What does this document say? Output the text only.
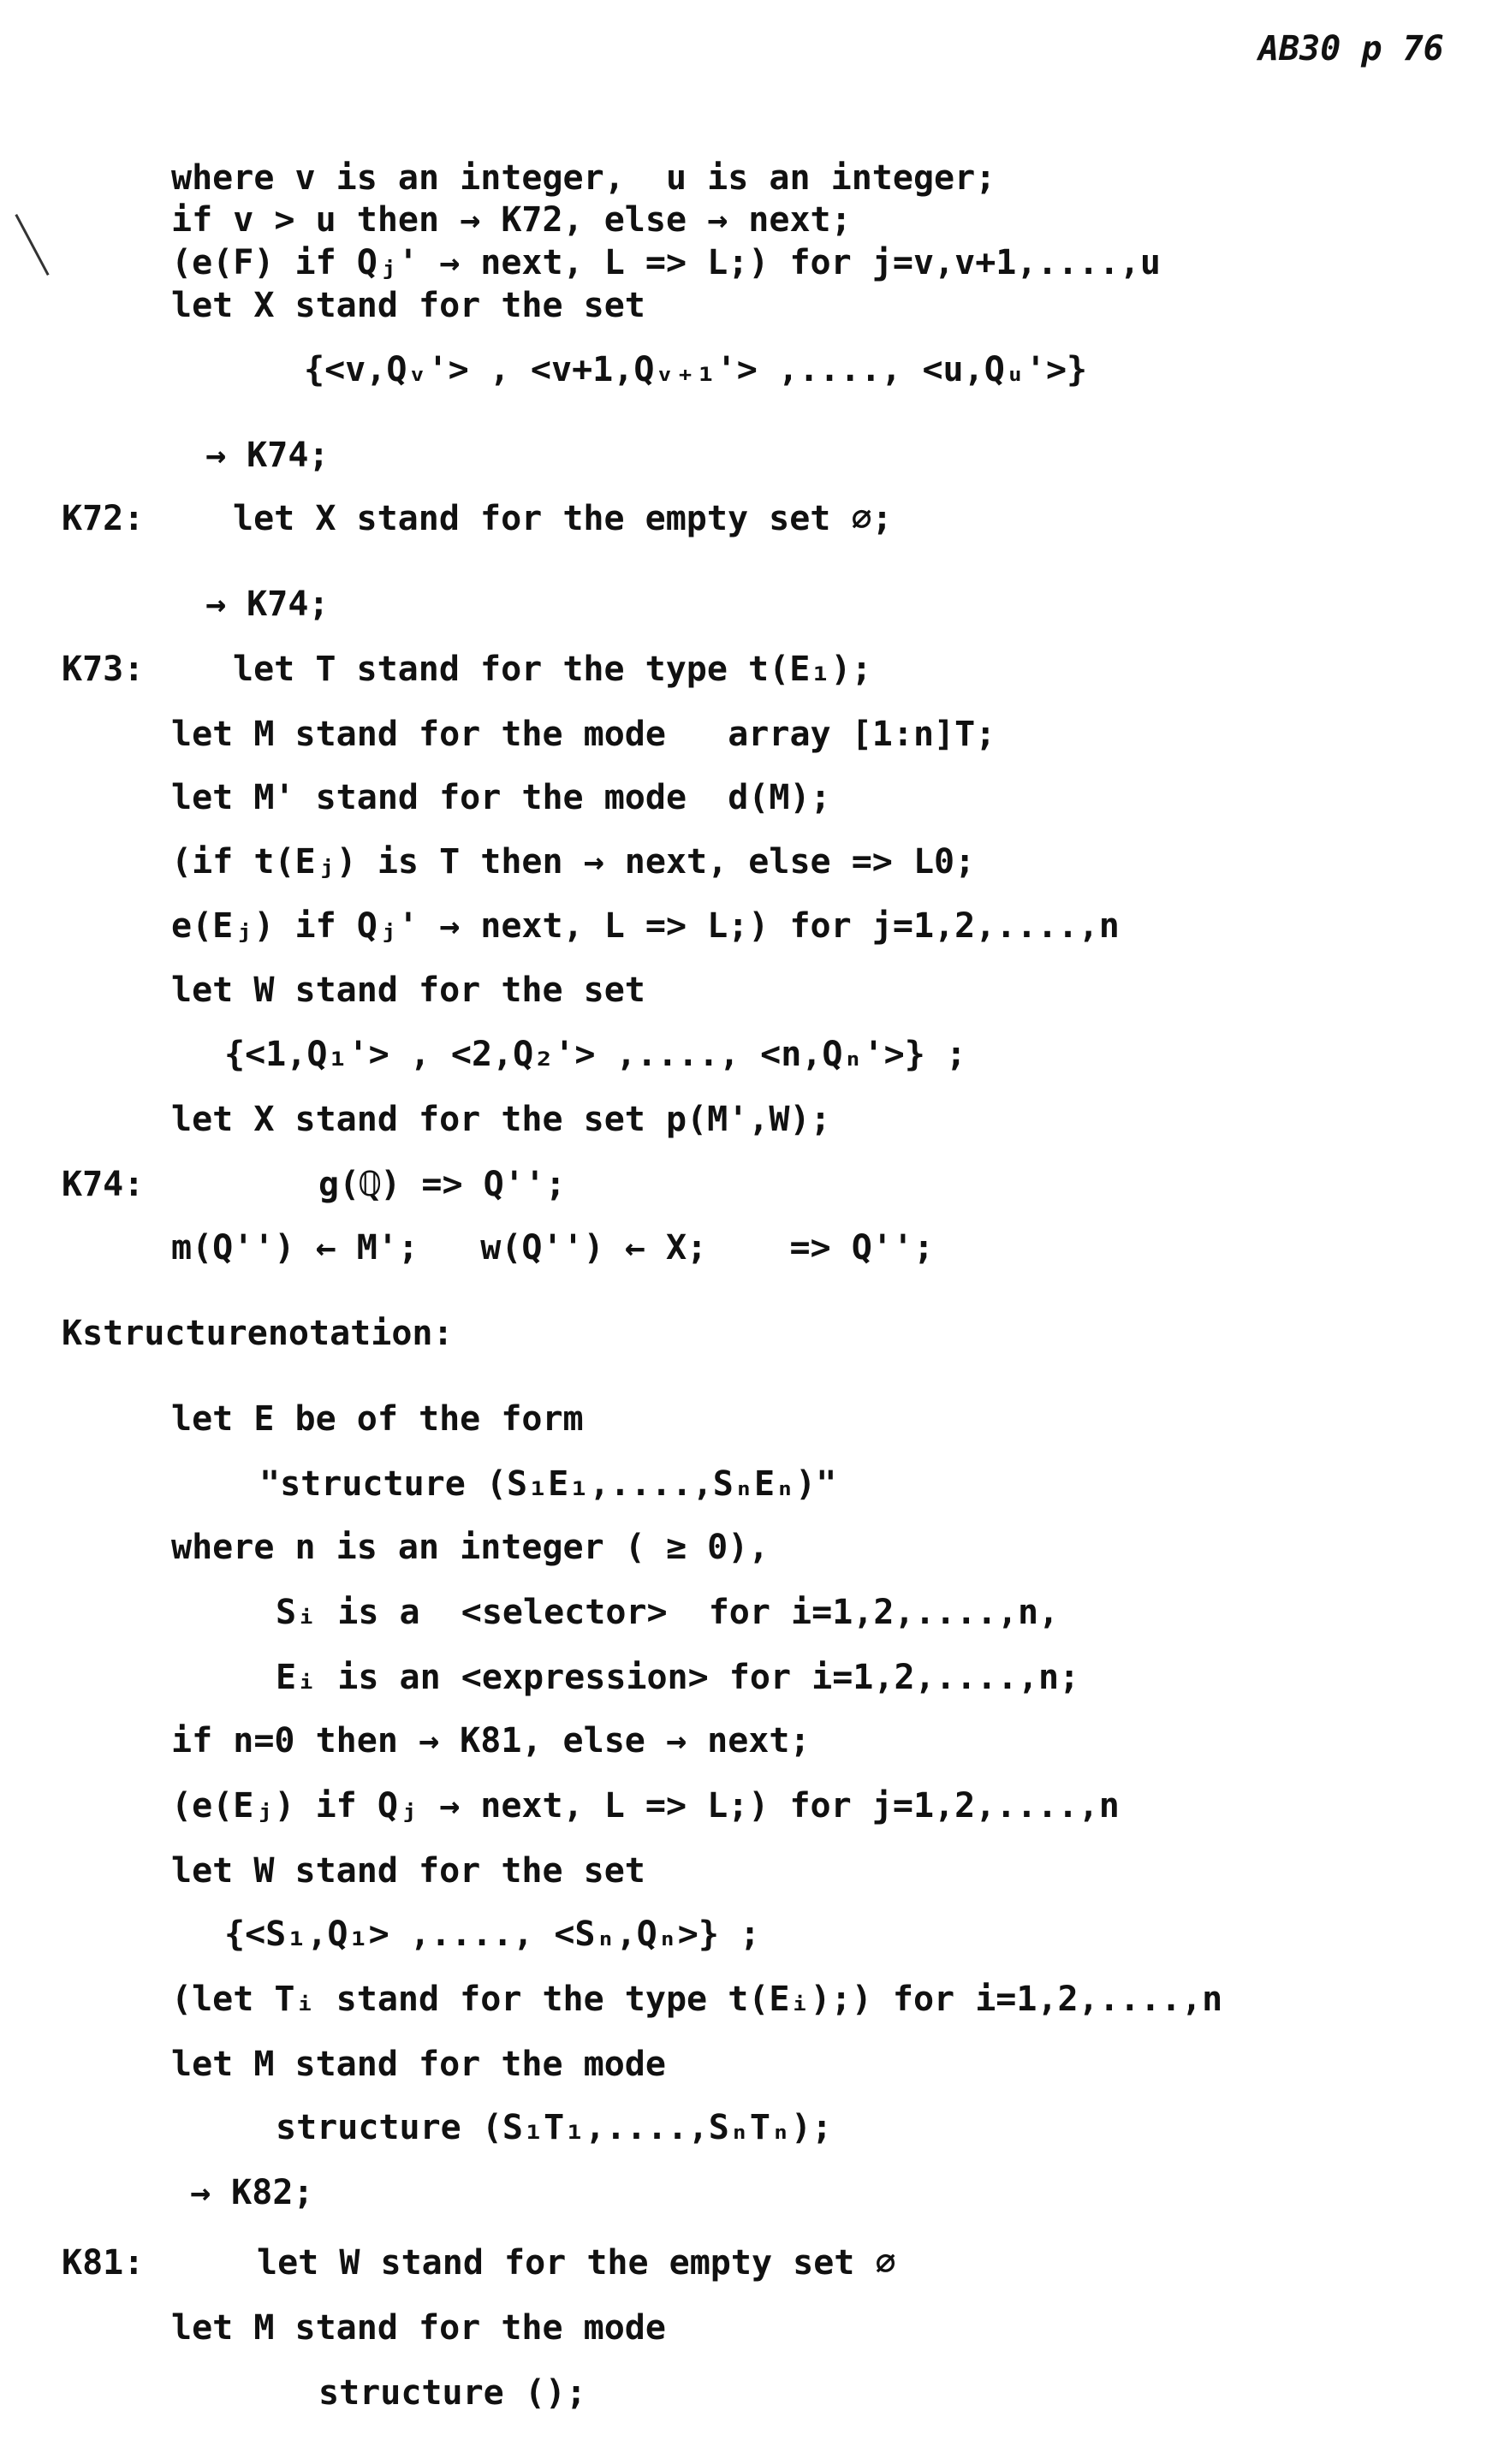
AB30 p 76
K72:
K73:
K74:
K81:
where v is an integer,  u is an integer;
if v > u then → K72, else → next;
(e(F) if Qⱼ' → next, L => L;) for j=v,v+1,....,u
let X stand for the set
{<v,Qᵥ'> , <v+1,Qᵥ₊₁'> ,...., <u,Qᵤ'>}
→ K74;
let X stand for the empty set ∅;
→ K74;
let T stand for the type t(E₁);
let M stand for the mode   array [1:n]T;
let M' stand for the mode  d(M);
(if t(Eⱼ) is T then → next, else => L0;
e(Eⱼ) if Qⱼ' → next, L => L;) for j=1,2,....,n
let W stand for the set
{<1,Q₁'> , <2,Q₂'> ,...., <n,Qₙ'>} ;
let X stand for the set p(M',W);
g(ℚ) => Q'';
m(Q'') ← M';   w(Q'') ← X;    => Q'';
Kstructurenotation:
let E be of the form
"structure (S₁E₁,....,SₙEₙ)"
where n is an integer ( ≥ 0),
Sᵢ is a  <selector>  for i=1,2,....,n,
Eᵢ is an <expression> for i=1,2,....,n;
if n=0 then → K81, else → next;
(e(Eⱼ) if Qⱼ → next, L => L;) for j=1,2,....,n
let W stand for the set
{<S₁,Q₁> ,...., <Sₙ,Qₙ>} ;
(let Tᵢ stand for the type t(Eᵢ);) for i=1,2,....,n
let M stand for the mode
structure (S₁T₁,....,SₙTₙ);
→ K82;
let W stand for the empty set ∅
let M stand for the mode
structure ();
